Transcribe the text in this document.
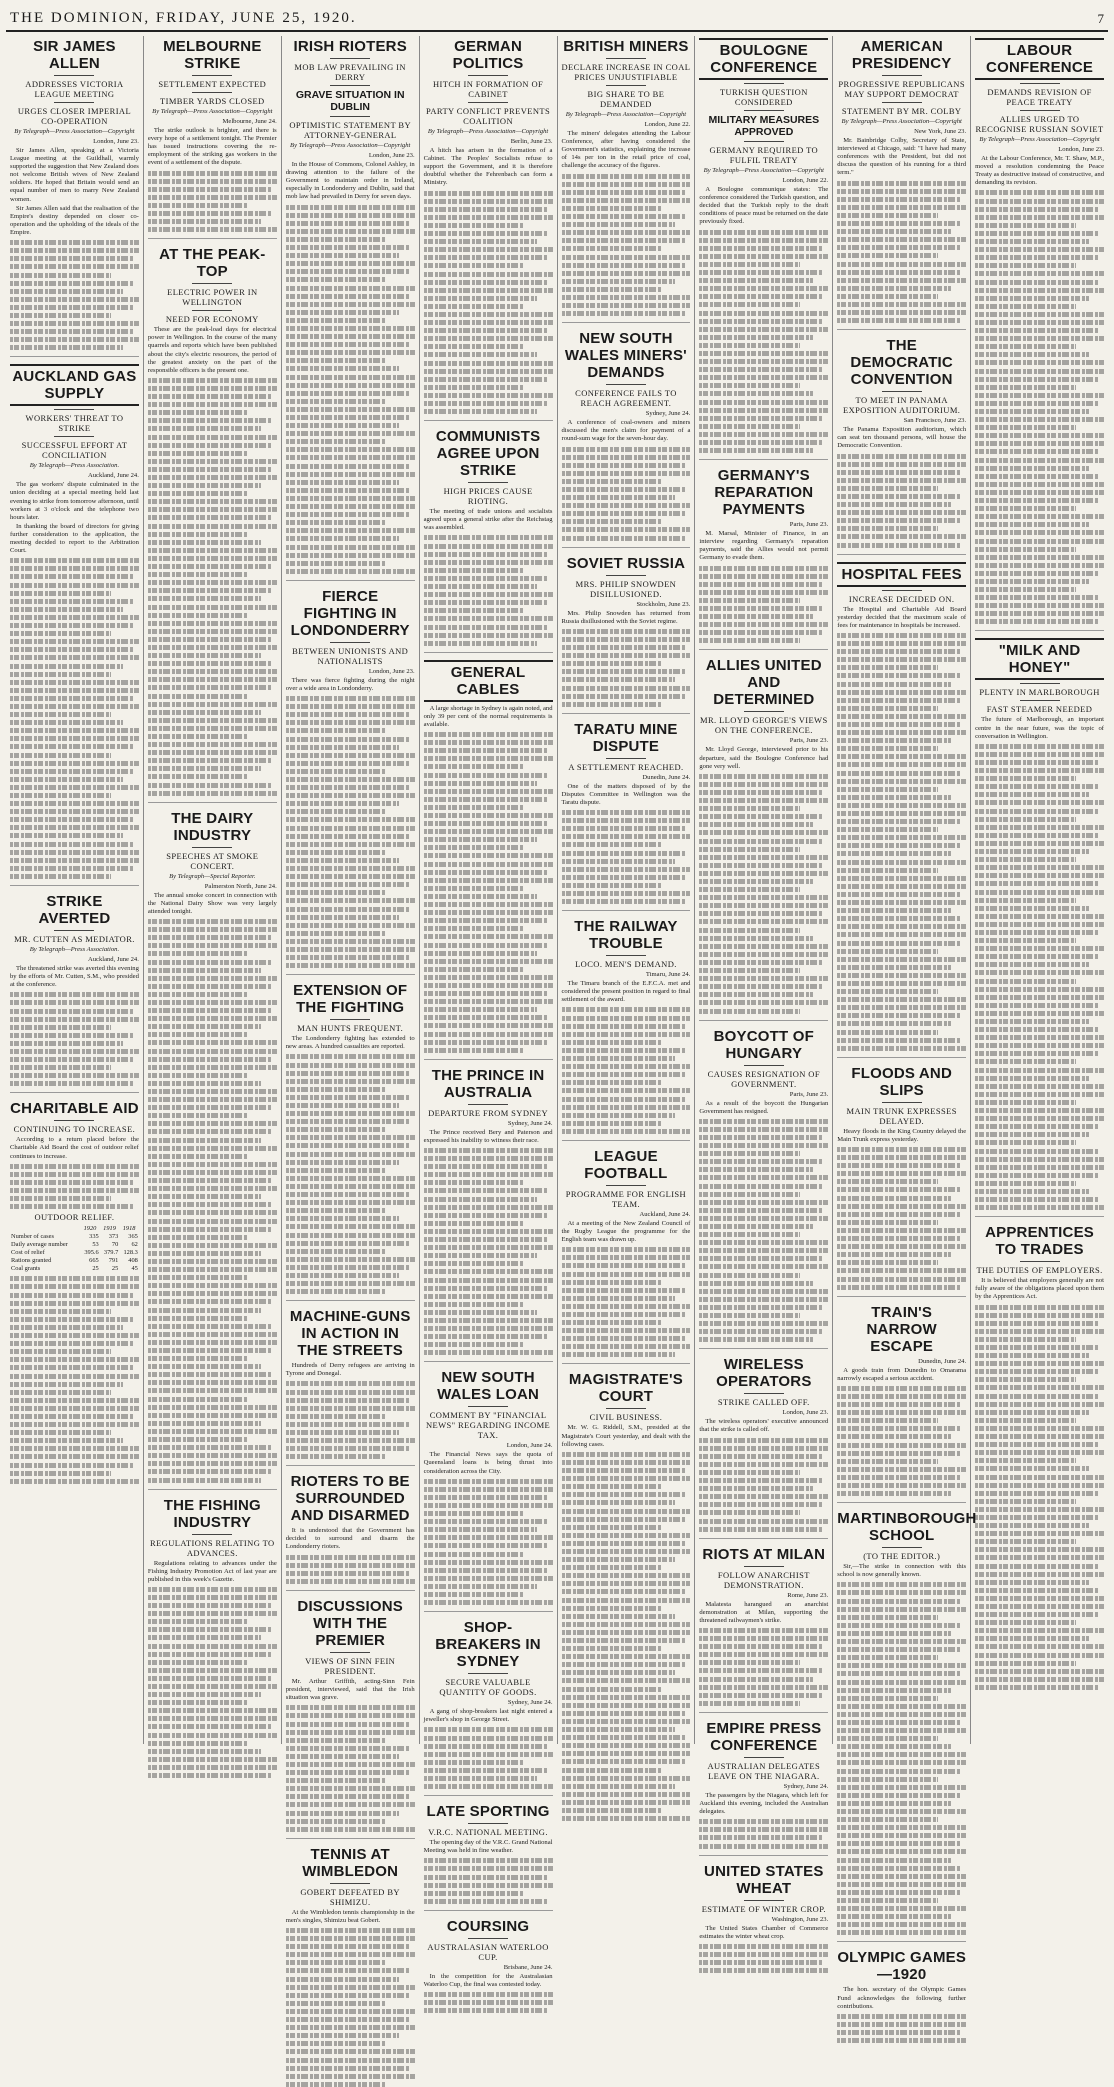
THE DOMINION, FRIDAY, JUNE 25, 1920.	7
SIR JAMES ALLEN
ADDRESSES VICTORIA LEAGUE MEETING
URGES CLOSER IMPERIAL CO-OPERATION
By Telegraph—Press Association—Copyright
London, June 23.

Sir James Allen, speaking at a Victoria League meeting at the Guildhall, warmly supported the suggestion that New Zealand does not welcome British wives of New Zealand soldiers. He hoped that Britain would send an equal number of men to marry New Zealand women.

Sir James Allen said that the realisation of the Empire's destiny depended on closer co-operation and the upholding of the ideals of the Empire.

AUCKLAND GAS SUPPLY
WORKERS' THREAT TO STRIKE
SUCCESSFUL EFFORT AT CONCILIATION
By Telegraph—Press Association.
Auckland, June 24.

The gas workers' dispute culminated in the union deciding at a special meeting held last evening to strike from tomorrow afternoon, until workers at 3 o'clock and the telephone two hours later.

In thanking the board of directors for giving further consideration to the application, the meeting decided to report to the Arbitration Court.

STRIKE AVERTED
MR. CUTTEN AS MEDIATOR.
By Telegraph—Press Association.
Auckland, June 24.

The threatened strike was averted this evening by the efforts of Mr. Cutten, S.M., who presided at the conference.

CHARITABLE AID
CONTINUING TO INCREASE.

According to a return placed before the Charitable Aid Board the cost of outdoor relief continues to increase.

OUTDOOR RELIEF.
	1920	1919	1918
Number of cases	335	373	365
Daily average number	53	70	62
Cost of relief	395.6	379.7	128.3
Rations granted	665	791	408
Coal grants	25	25	45
MELBOURNE STRIKE
SETTLEMENT EXPECTED
TIMBER YARDS CLOSED
By Telegraph—Press Association—Copyright
Melbourne, June 24.

The strike outlook is brighter, and there is every hope of a settlement tonight. The Premier has issued instructions covering the re-employment of the striking gas workers in the event of a settlement of the dispute.

AT THE PEAK-TOP
ELECTRIC POWER IN WELLINGTON
NEED FOR ECONOMY

These are the peak-load days for electrical power in Wellington. In the course of the many quarrels and reports which have been published about the city's electric resources, the period of the greatest anxiety on the part of the responsible officers is the present one.

THE DAIRY INDUSTRY
SPEECHES AT SMOKE CONCERT.
By Telegraph—Special Reporter.
Palmerston North, June 24.

The annual smoke concert in connection with the National Dairy Show was very largely attended tonight.

THE FISHING INDUSTRY
REGULATIONS RELATING TO ADVANCES.

Regulations relating to advances under the Fishing Industry Promotion Act of last year are published in this week's Gazette.

IRISH RIOTERS
MOB LAW PREVAILING IN DERRY
GRAVE SITUATION IN DUBLIN
OPTIMISTIC STATEMENT BY ATTORNEY-GENERAL
By Telegraph—Press Association—Copyright
London, June 23.

In the House of Commons, Colonel Ashley, in drawing attention to the failure of the Government to maintain order in Ireland, especially in Londonderry and Dublin, said that mob law had prevailed in Derry for seven days.

FIERCE FIGHTING IN LONDONDERRY
BETWEEN UNIONISTS AND NATIONALISTS
London, June 23.

There was fierce fighting during the night over a wide area in Londonderry.

EXTENSION OF THE FIGHTING
MAN HUNTS FREQUENT.

The Londonderry fighting has extended to new areas. A hundred casualties are reported.

MACHINE-GUNS IN ACTION IN THE STREETS

Hundreds of Derry refugees are arriving in Tyrone and Donegal.

RIOTERS TO BE SURROUNDED AND DISARMED

It is understood that the Government has decided to surround and disarm the Londonderry rioters.

DISCUSSIONS WITH THE PREMIER
VIEWS OF SINN FEIN PRESIDENT.

Mr. Arthur Griffith, acting-Sinn Fein president, interviewed, said that the Irish situation was grave.

TENNIS AT WIMBLEDON
GOBERT DEFEATED BY SHIMIZU.

At the Wimbledon tennis championship in the men's singles, Shimizu beat Gobert.

GERMAN POLITICS
HITCH IN FORMATION OF CABINET
PARTY CONFLICT PREVENTS COALITION
By Telegraph—Press Association—Copyright
Berlin, June 23.

A hitch has arisen in the formation of a Cabinet. The Peoples' Socialists refuse to support the Government, and it is therefore doubtful whether the Fehrenbach can form a Ministry.

COMMUNISTS AGREE UPON STRIKE
HIGH PRICES CAUSE RIOTING.

The meeting of trade unions and socialists agreed upon a general strike after the Reichstag was assembled.

GENERAL CABLES

A large shortage in Sydney is again noted, and only 39 per cent of the normal requirements is available.

THE PRINCE IN AUSTRALIA
DEPARTURE FROM SYDNEY
Sydney, June 24.

The Prince received Bery and Paterson and expressed his inability to witness their race.

NEW SOUTH WALES LOAN
COMMENT BY "FINANCIAL NEWS" REGARDING INCOME TAX.
London, June 24.

The Financial News says the quota of Queensland loans is being thrust into consideration across the City.

SHOP-BREAKERS IN SYDNEY
SECURE VALUABLE QUANTITY OF GOODS.
Sydney, June 24.

A gang of shop-breakers last night entered a jeweller's shop in George Street.

LATE SPORTING
V.R.C. NATIONAL MEETING.

The opening day of the V.R.C. Grand National Meeting was held in fine weather.

COURSING
AUSTRALASIAN WATERLOO CUP.
Brisbane, June 24.

In the competition for the Australasian Waterloo Cup, the final was contested today.

BRITISH MINERS
DECLARE INCREASE IN COAL PRICES UNJUSTIFIABLE
BIG SHARE TO BE DEMANDED
By Telegraph—Press Association—Copyright
London, June 22.

The miners' delegates attending the Labour Conference, after having considered the Government's statistics, explaining the increase of 14s per ton in the retail price of coal, challenge the accuracy of the figures.

NEW SOUTH WALES MINERS' DEMANDS
CONFERENCE FAILS TO REACH AGREEMENT.
Sydney, June 24.

A conference of coal-owners and miners discussed the men's claim for payment of a round-sum wage for the seven-hour day.

SOVIET RUSSIA
MRS. PHILIP SNOWDEN DISILLUSIONED.
Stockholm, June 23.

Mrs. Philip Snowden has returned from Russia disillusioned with the Soviet regime.

TARATU MINE DISPUTE
A SETTLEMENT REACHED.
Dunedin, June 24.

One of the matters disposed of by the Disputes Committee in Wellington was the Taratu dispute.

THE RAILWAY TROUBLE
LOCO. MEN'S DEMAND.
Timaru, June 24.

The Timaru branch of the E.F.C.A. met and considered the present position in regard to final settlement of the award.

LEAGUE FOOTBALL
PROGRAMME FOR ENGLISH TEAM.
Auckland, June 24.

At a meeting of the New Zealand Council of the Rugby League the programme for the English team was drawn up.

MAGISTRATE'S COURT
CIVIL BUSINESS.

Mr. W. G. Riddell, S.M., presided at the Magistrate's Court yesterday, and dealt with the following cases.

BOULOGNE CONFERENCE
TURKISH QUESTION CONSIDERED
MILITARY MEASURES APPROVED
GERMANY REQUIRED TO FULFIL TREATY
By Telegraph—Press Association—Copyright
London, June 22.

A Boulogne communique states: The conference considered the Turkish question, and decided that the Turkish reply to the draft conditions of peace must be returned on the date previously fixed.

GERMANY'S REPARATION PAYMENTS
Paris, June 23.

M. Marsal, Minister of Finance, in an interview regarding Germany's reparation payments, said the Allies would not permit Germany to evade them.

ALLIES UNITED AND DETERMINED
MR. LLOYD GEORGE'S VIEWS ON THE CONFERENCE.
Paris, June 23.

Mr. Lloyd George, interviewed prior to his departure, said the Boulogne Conference had gone very well.

BOYCOTT OF HUNGARY
CAUSES RESIGNATION OF GOVERNMENT.
Paris, June 23.

As a result of the boycott the Hungarian Government has resigned.

WIRELESS OPERATORS
STRIKE CALLED OFF.
London, June 23.

The wireless operators' executive announced that the strike is called off.

RIOTS AT MILAN
FOLLOW ANARCHIST DEMONSTRATION.
Rome, June 23.

Malatesta harangued an anarchist demonstration at Milan, supporting the threatened railwaymen's strike.

EMPIRE PRESS CONFERENCE
AUSTRALIAN DELEGATES LEAVE ON THE NIAGARA.
Sydney, June 24.

The passengers by the Niagara, which left for Auckland this evening, included the Australian delegates.

UNITED STATES WHEAT
ESTIMATE OF WINTER CROP.
Washington, June 23.

The United States Chamber of Commerce estimates the winter wheat crop.

AMERICAN PRESIDENCY
PROGRESSIVE REPUBLICANS MAY SUPPORT DEMOCRAT
STATEMENT BY MR. COLBY
By Telegraph—Press Association—Copyright
New York, June 23.

Mr. Bainbridge Colby, Secretary of State, interviewed at Chicago, said: "I have had many conferences with the President, but did not discuss the question of his running for a third term."

THE DEMOCRATIC CONVENTION
TO MEET IN PANAMA EXPOSITION AUDITORIUM.
San Francisco, June 23.

The Panama Exposition auditorium, which can seat ten thousand persons, will house the Democratic Convention.

HOSPITAL FEES
INCREASE DECIDED ON.

The Hospital and Charitable Aid Board yesterday decided that the maximum scale of fees for maintenance in hospitals be increased.

FLOODS AND SLIPS
MAIN TRUNK EXPRESSES DELAYED.

Heavy floods in the King Country delayed the Main Trunk express yesterday.

TRAIN'S NARROW ESCAPE
Dunedin, June 24.

A goods train from Dunedin to Omarama narrowly escaped a serious accident.

MARTINBOROUGH SCHOOL
(TO THE EDITOR.)

Sir,—The strike in connection with this school is now generally known.

OLYMPIC GAMES—1920

The hon. secretary of the Olympic Games Fund acknowledges the following further contributions.

LABOUR CONFERENCE
DEMANDS REVISION OF PEACE TREATY
ALLIES URGED TO RECOGNISE RUSSIAN SOVIET
By Telegraph—Press Association—Copyright
London, June 23.

At the Labour Conference, Mr. T. Shaw, M.P., moved a resolution condemning the Peace Treaty as destructive instead of constructive, and demanding its revision.

"MILK AND HONEY"
PLENTY IN MARLBOROUGH
FAST STEAMER NEEDED

The future of Marlborough, an important centre in the near future, was the topic of conversation in Wellington.

APPRENTICES TO TRADES
THE DUTIES OF EMPLOYERS.

It is believed that employers generally are not fully aware of the obligations placed upon them by the Apprentices Act.
